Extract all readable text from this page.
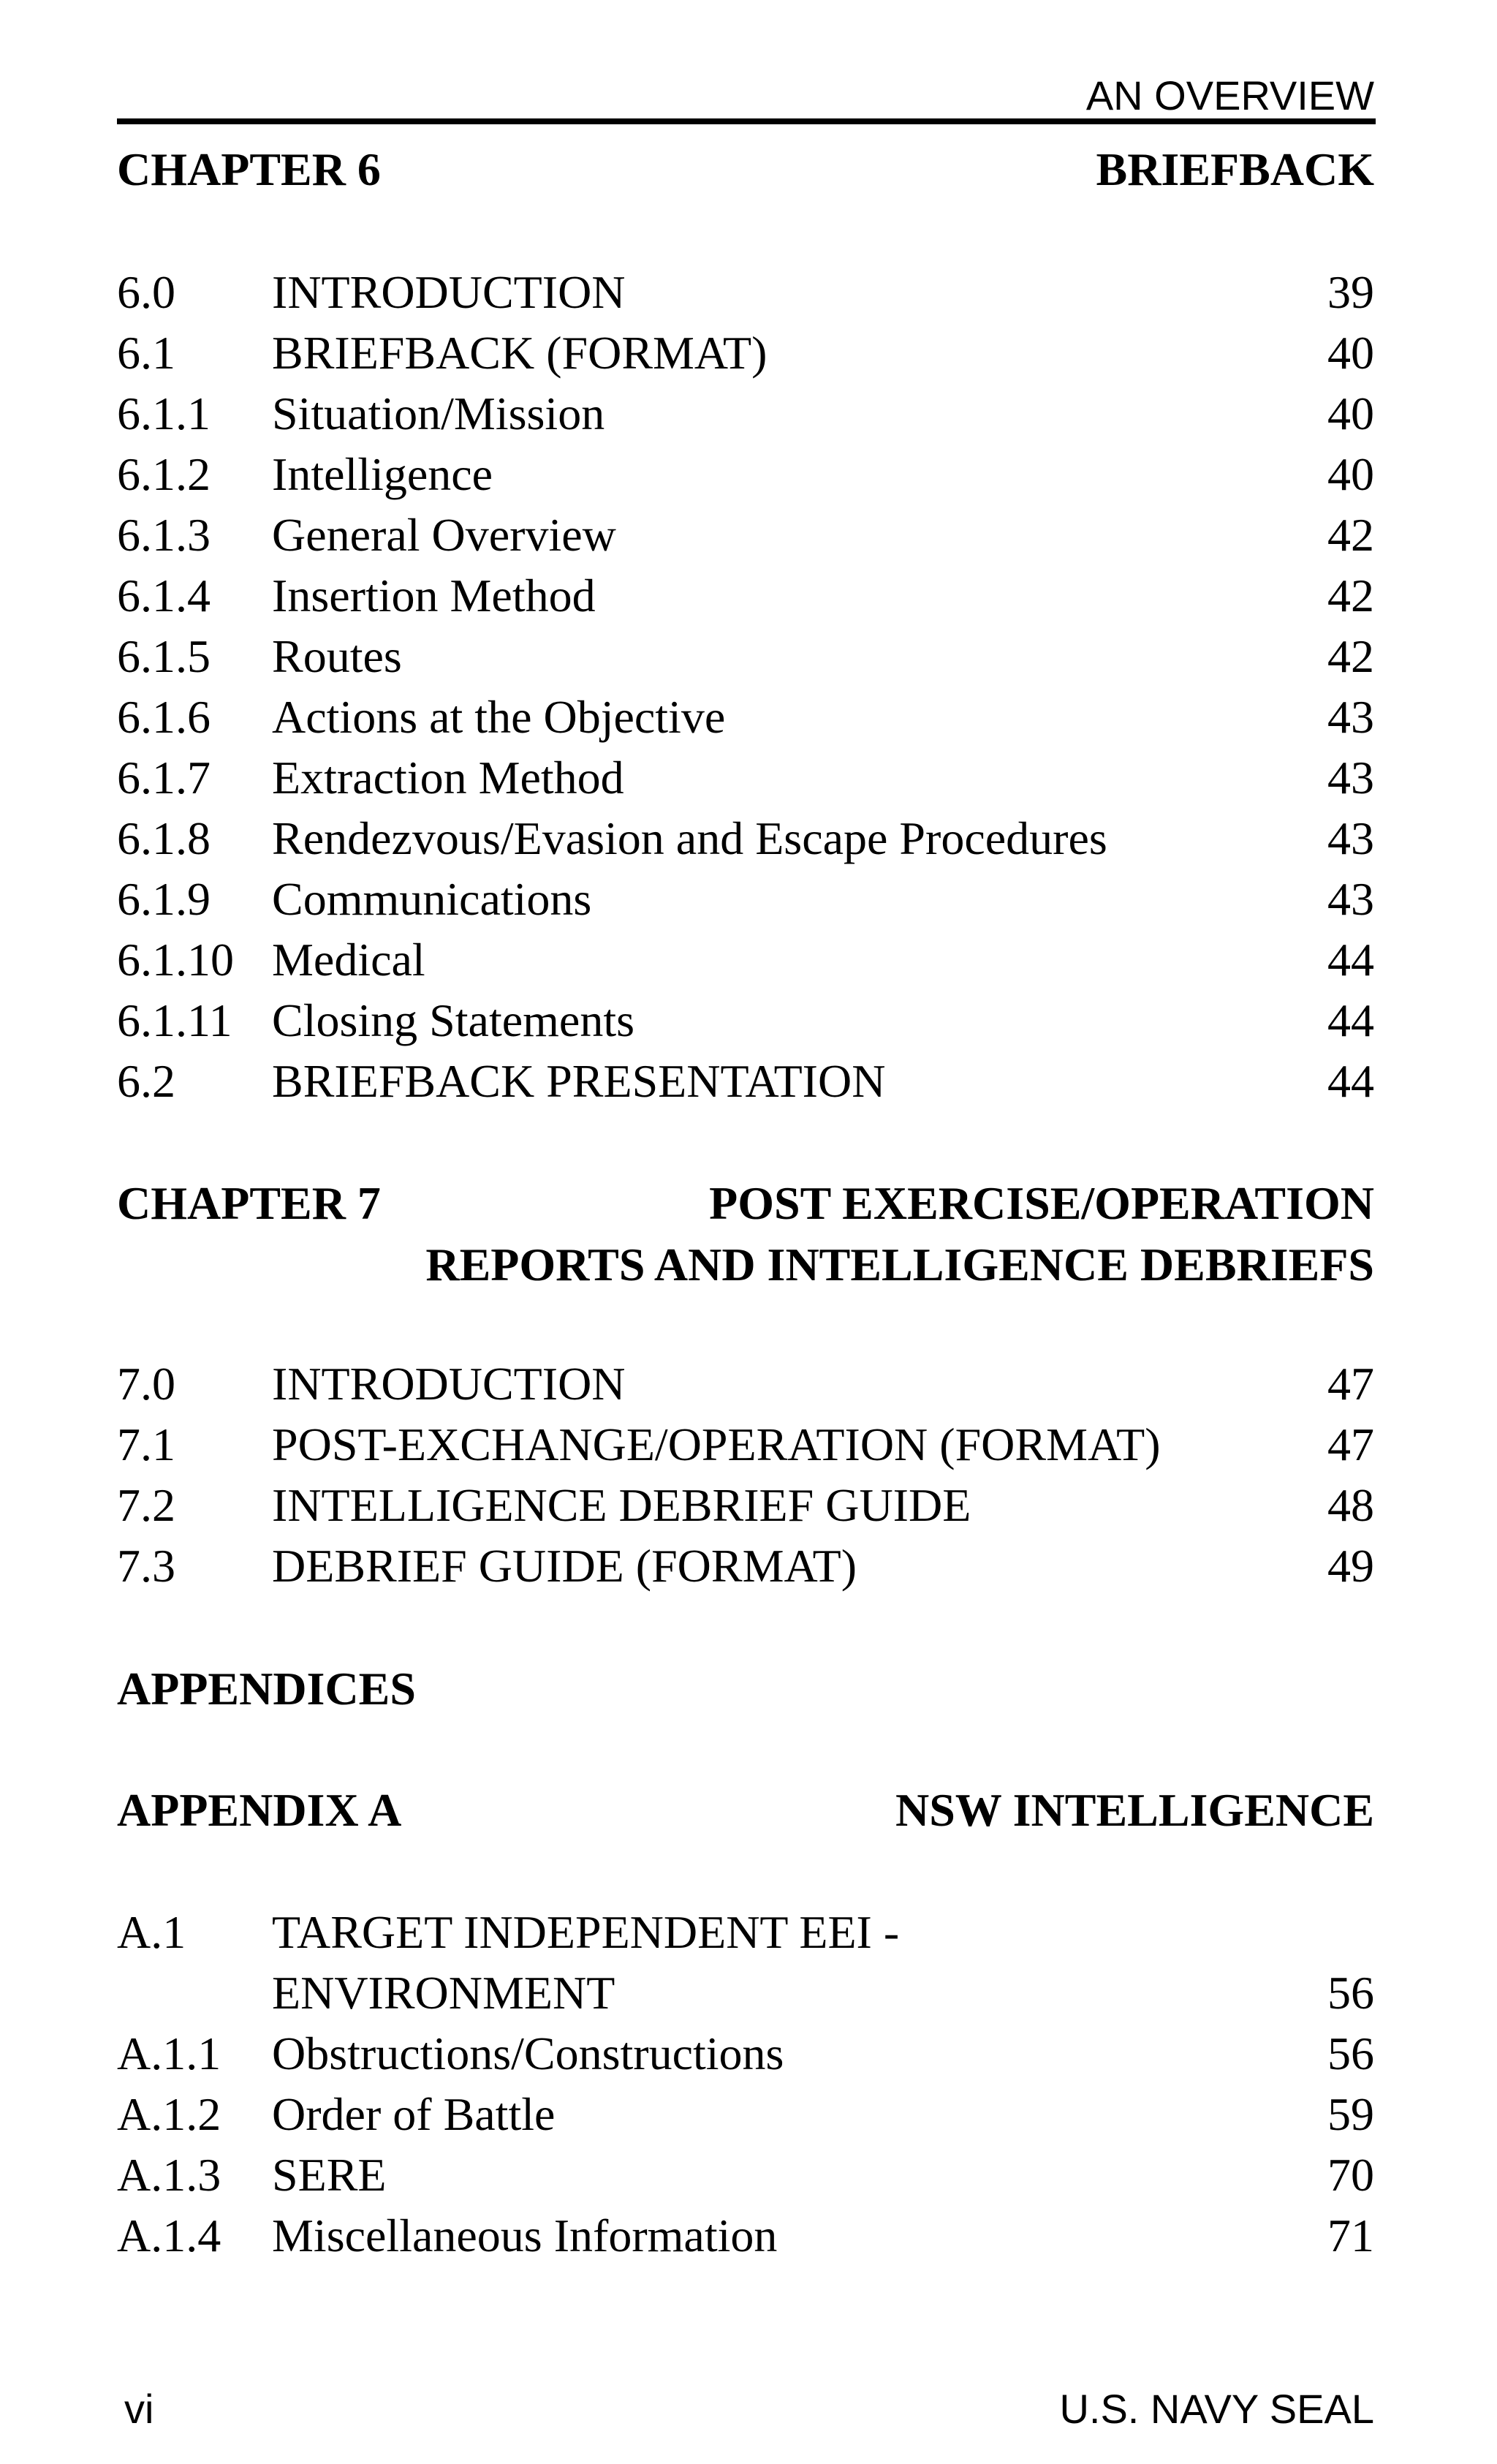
AN OVERVIEW
CHAPTER 6	BRIEFBACK
6.0 INTRODUCTION	39
6.1 BRIEFBACK (FORMAT)	40
6.1.1 Situation/Mission	40
6.1.2 Intelligence	40
6.1.3 General Overview	42
6.1.4 Insertion Method	42
6.1.5 Routes	42
6.1.6 Actions at the Objective	43
6.1.7 Extraction Method	43
6.1.8 Rendezvous/Evasion and Escape Procedures	43
6.1.9 Communications	43
6.1.10 Medical	44
6.1.11 Closing Statements	44
6.2 BRIEFBACK PRESENTATION	44
CHAPTER 7	POST EXERCISE/OPERATION
REPORTS AND INTELLIGENCE DEBRIEFS
7.0 INTRODUCTION	47
7.1 POST-EXCHANGE/OPERATION (FORMAT)	47
7.2 INTELLIGENCE DEBRIEF GUIDE	48
7.3 DEBRIEF GUIDE (FORMAT)	49
APPENDICES
APPENDIX A	NSW INTELLIGENCE
A.1 TARGET INDEPENDENT EEI -
ENVIRONMENT	56
A.1.1 Obstructions/Constructions	56
A.1.2 Order of Battle	59
A.1.3 SERE	70
A.1.4 Miscellaneous Information	71
vi	U.S. NAVY SEAL
